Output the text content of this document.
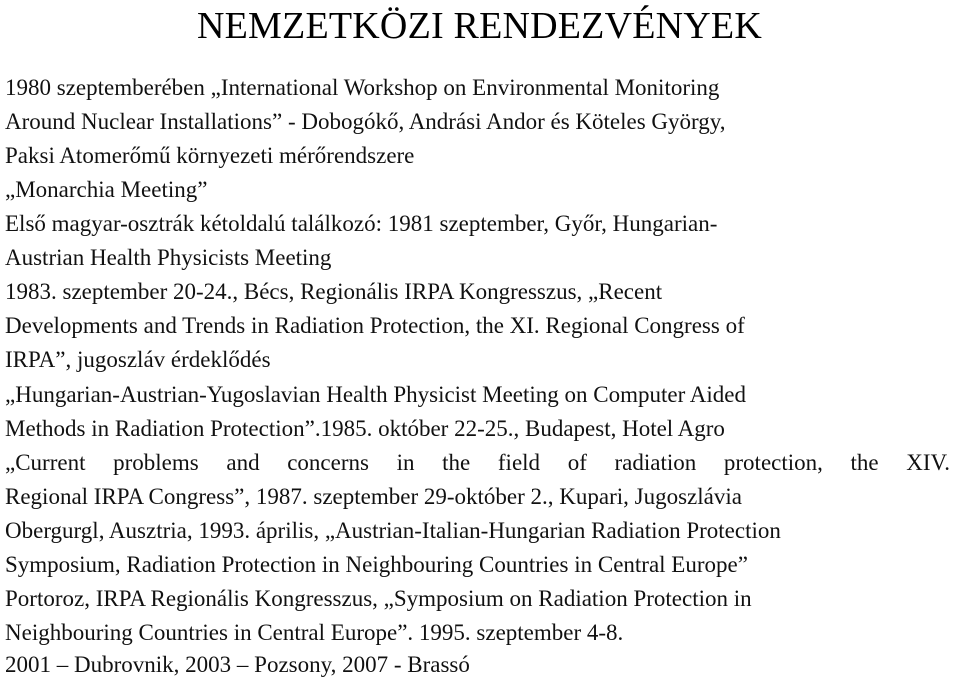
NEMZETKÖZI RENDEZVÉNYEK
1980 szeptemberében „International Workshop on Environmental Monitoring
Around Nuclear Installations” - Dobogókő, Andrási Andor és Köteles György,
Paksi Atomerőmű környezeti mérőrendszere
„Monarchia Meeting”
Első magyar-osztrák kétoldalú találkozó: 1981 szeptember, Győr, Hungarian-
Austrian Health Physicists Meeting
1983. szeptember 20-24., Bécs, Regionális IRPA Kongresszus, „Recent
Developments and Trends in Radiation Protection, the XI. Regional Congress of
IRPA”, jugoszláv érdeklődés
„Hungarian-Austrian-Yugoslavian Health Physicist Meeting on Computer Aided
Methods in Radiation Protection”.1985. október 22-25., Budapest, Hotel Agro
„Current problems and concerns in the field of radiation protection, the XIV.
Regional IRPA Congress”, 1987. szeptember 29-október 2., Kupari, Jugoszlávia
Obergurgl, Ausztria, 1993. április, „Austrian-Italian-Hungarian Radiation Protection
Symposium, Radiation Protection in Neighbouring Countries in Central Europe”
Portoroz, IRPA Regionális Kongresszus, „Symposium on Radiation Protection in
Neighbouring Countries in Central Europe”. 1995. szeptember 4-8.
2001 – Dubrovnik, 2003 – Pozsony, 2007 - Brassó
